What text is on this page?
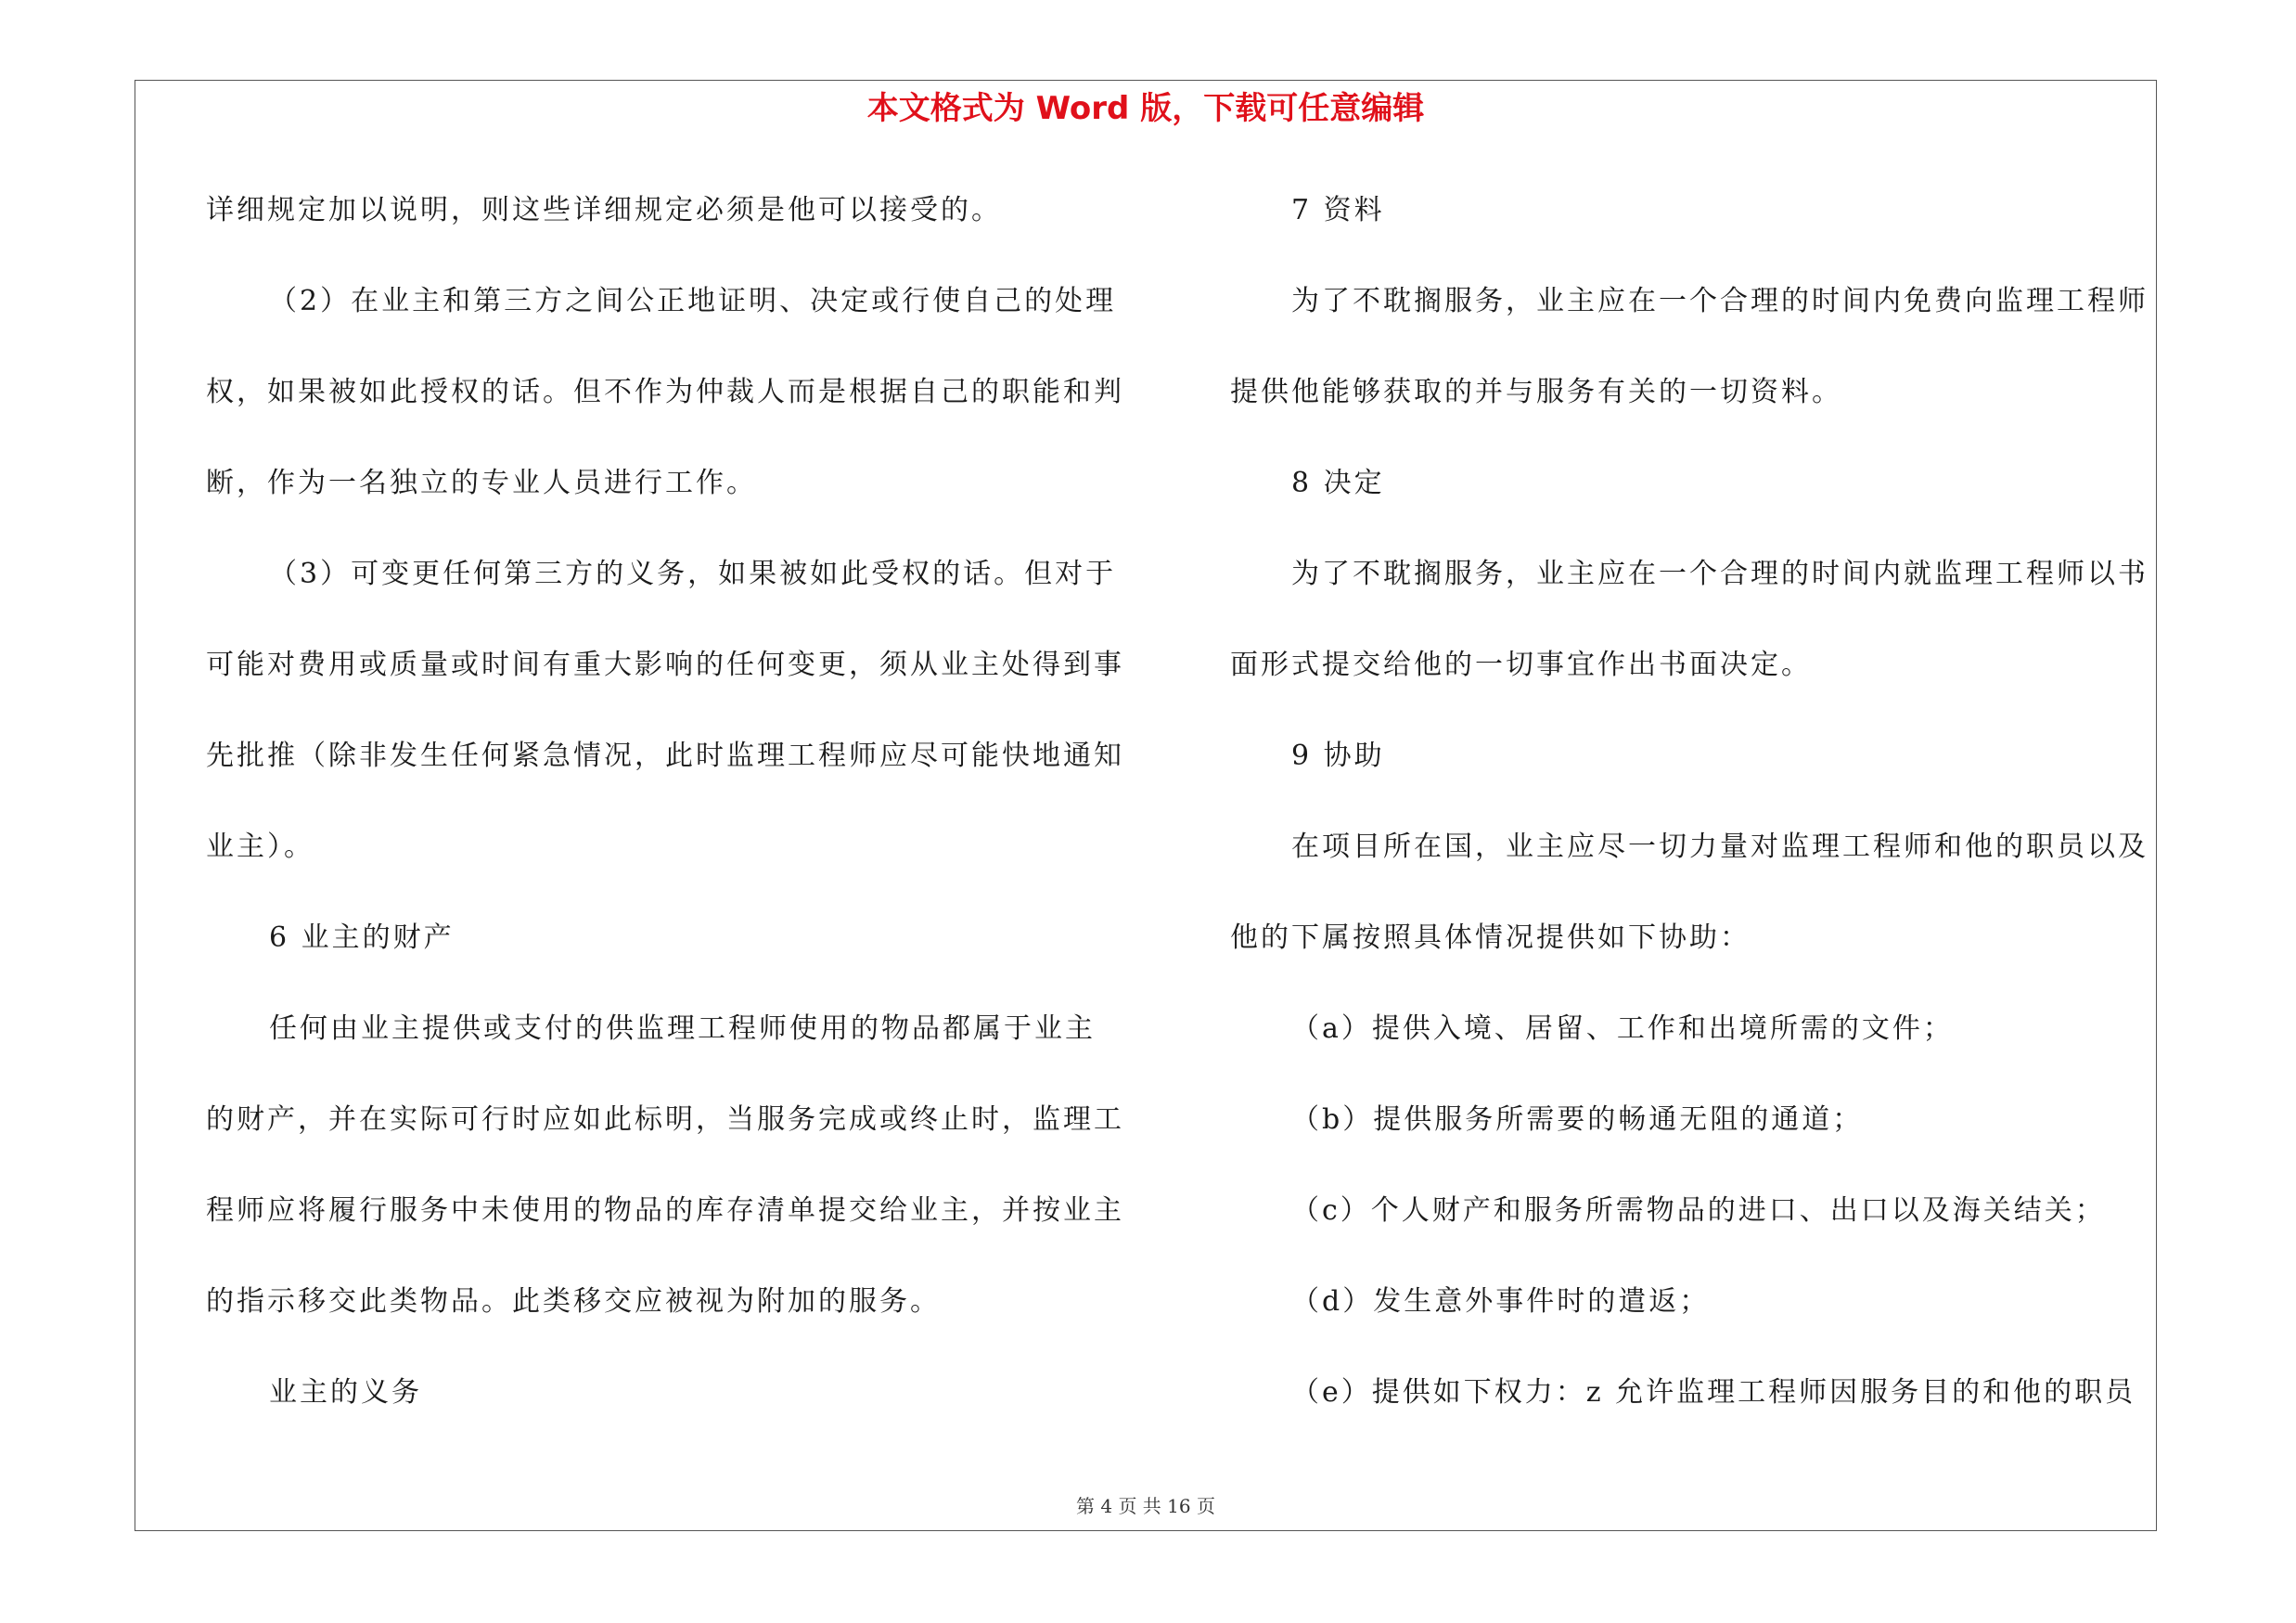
本文格式为 Word 版，下载可任意编辑
详细规定加以说明，则这些详细规定必须是他可以接受的。
（2）在业主和第三方之间公正地证明、决定或行使自己的处理
权，如果被如此授权的话。但不作为仲裁人而是根据自己的职能和判
断，作为一名独立的专业人员进行工作。
（3）可变更任何第三方的义务，如果被如此受权的话。但对于
可能对费用或质量或时间有重大影响的任何变更，须从业主处得到事
先批推（除非发生任何紧急情况，此时监理工程师应尽可能快地通知
业主）。
6 业主的财产
任何由业主提供或支付的供监理工程师使用的物品都属于业主
的财产，并在实际可行时应如此标明，当服务完成或终止时，监理工
程师应将履行服务中未使用的物品的库存清单提交给业主，并按业主
的指示移交此类物品。此类移交应被视为附加的服务。
业主的义务
7 资料
为了不耽搁服务，业主应在一个合理的时间内免费向监理工程师
提供他能够获取的并与服务有关的一切资料。
8 决定
为了不耽搁服务，业主应在一个合理的时间内就监理工程师以书
面形式提交给他的一切事宜作出书面决定。
9 协助
在项目所在国，业主应尽一切力量对监理工程师和他的职员以及
他的下属按照具体情况提供如下协助：
（a）提供入境、居留、工作和出境所需的文件；
（b）提供服务所需要的畅通无阻的通道；
（c）个人财产和服务所需物品的进口、出口以及海关结关；
（d）发生意外事件时的遣返；
（e）提供如下权力：z 允许监理工程师因服务目的和他的职员
第 4 页 共 16 页
